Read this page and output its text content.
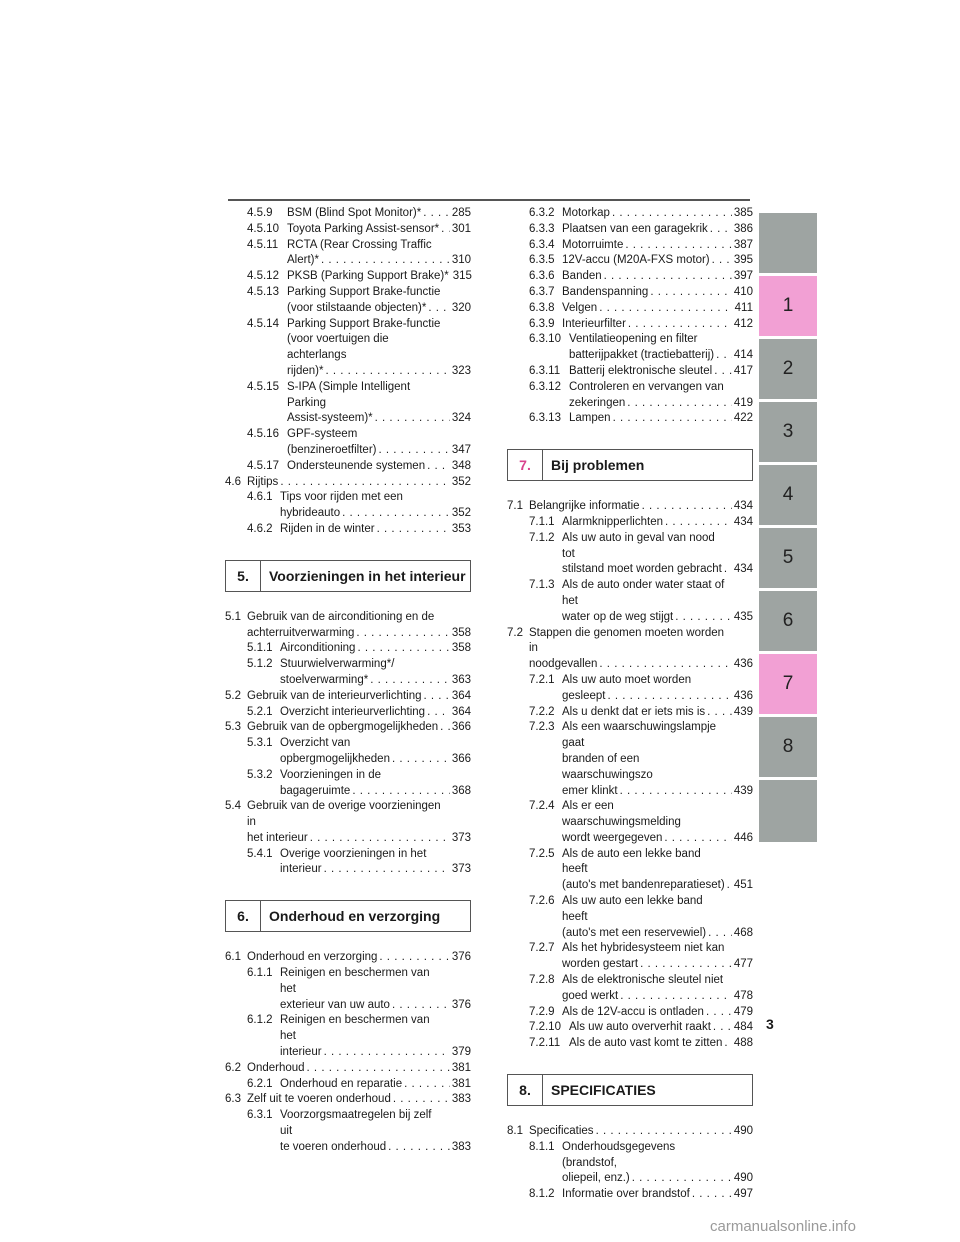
4.5.9 BSM (Blind Spot Monitor)* . . .	285
4.5.10 Toyota Parking Assist-sensor* . . . 301
4.5.11 RCTA (Rear Crossing Traffic
Alert)* . . .	310
4.5.12 PKSB (Parking Support Brake)* 315
4.5.13 Parking Support Brake-functie
(voor stilstaande objecten)* . . . 320
4.5.14 Parking Support Brake-functie
(voor voertuigen die achterlangs
rijden)* . . .	323
4.5.15 S-IPA (Simple Intelligent Parking
Assist-systeem)* . . .	324
4.5.16 GPF-systeem
(benzineroetfilter) . . .	347
4.5.17 Ondersteunende systemen . . . 348
4.6 Rijtips . . .	352
4.6.1 Tips voor rijden met een
hybrideauto . . .	352
4.6.2 Rijden in de winter . . .	353
5.	Voorzieningen in het interieur
5.1 Gebruik van de airconditioning en de
achterruitverwarming . . .	358
5.1.1 Airconditioning . . .	358
5.1.2 Stuurwielverwarming*/
stoelverwarming* . . .	363
5.2 Gebruik van de interieurverlichting . . .	364
5.2.1 Overzicht interieurverlichting . . . 364
5.3 Gebruik van de opbergmogelijkheden . . . 366
5.3.1 Overzicht van
opbergmogelijkheden . . .	366
5.3.2 Voorzieningen in de
bagageruimte . . .	368
5.4 Gebruik van de overige voorzieningen in
het interieur . . .	373
5.4.1 Overige voorzieningen in het
interieur . . .	373
6.	Onderhoud en verzorging
6.1 Onderhoud en verzorging . . .	376
6.1.1 Reinigen en beschermen van het
exterieur van uw auto . . .	376
6.1.2 Reinigen en beschermen van het
interieur . . .	379
6.2 Onderhoud . . .	381
6.2.1 Onderhoud en reparatie . . .	381
6.3 Zelf uit te voeren onderhoud . . .	383
6.3.1 Voorzorgsmaatregelen bij zelf uit
te voeren onderhoud . . .	383
6.3.2 Motorkap . . .	385
6.3.3 Plaatsen van een garagekrik . . . 386
6.3.4 Motorruimte . . .	387
6.3.5 12V-accu (M20A-FXS motor) . . . 395
6.3.6 Banden . . .	397
6.3.7 Bandenspanning . . .	410
6.3.8 Velgen . . .	411
6.3.9 Interieurfilter . . .	412
6.3.10 Ventilatieopening en filter
batterijpakket (tractiebatterij) . . . 414
6.3.11 Batterij elektronische sleutel . . . 417
6.3.12 Controleren en vervangen van
zekeringen . . .	419
6.3.13 Lampen . . .	422
7.	Bij problemen
7.1 Belangrijke informatie . . .	434
7.1.1 Alarmknipperlichten . . .	434
7.1.2 Als uw auto in geval van nood tot
stilstand moet worden gebracht . . . 434
7.1.3 Als de auto onder water staat of het
water op de weg stijgt . . .	435
7.2 Stappen die genomen moeten worden in
noodgevallen . . .	436
7.2.1 Als uw auto moet worden
gesleept . . .	436
7.2.2 Als u denkt dat er iets mis is . . . 439
7.2.3 Als een waarschuwingslampje gaat
branden of een waarschuwingszo
emer klinkt . . .	439
7.2.4 Als er een waarschuwingsmelding
wordt weergegeven . . .	446
7.2.5 Als de auto een lekke band heeft
(auto's met bandenreparatieset) . . . 451
7.2.6 Als uw auto een lekke band heeft
(auto's met een reservewiel) . . . 468
7.2.7 Als het hybridesysteem niet kan
worden gestart . . .	477
7.2.8 Als de elektronische sleutel niet
goed werkt . . .	478
7.2.9 Als de 12V-accu is ontladen . . .	479
7.2.10 Als uw auto oververhit raakt . . . 484
7.2.11 Als de auto vast komt te zitten . . . 488
8.	SPECIFICATIES
8.1 Specificaties . . .	490
8.1.1 Onderhoudsgegevens (brandstof,
oliepeil, enz.) . . .	490
8.1.2 Informatie over brandstof . . .	497
1
2
3
4
5
6
7
8
3
carmanualsonline.info
